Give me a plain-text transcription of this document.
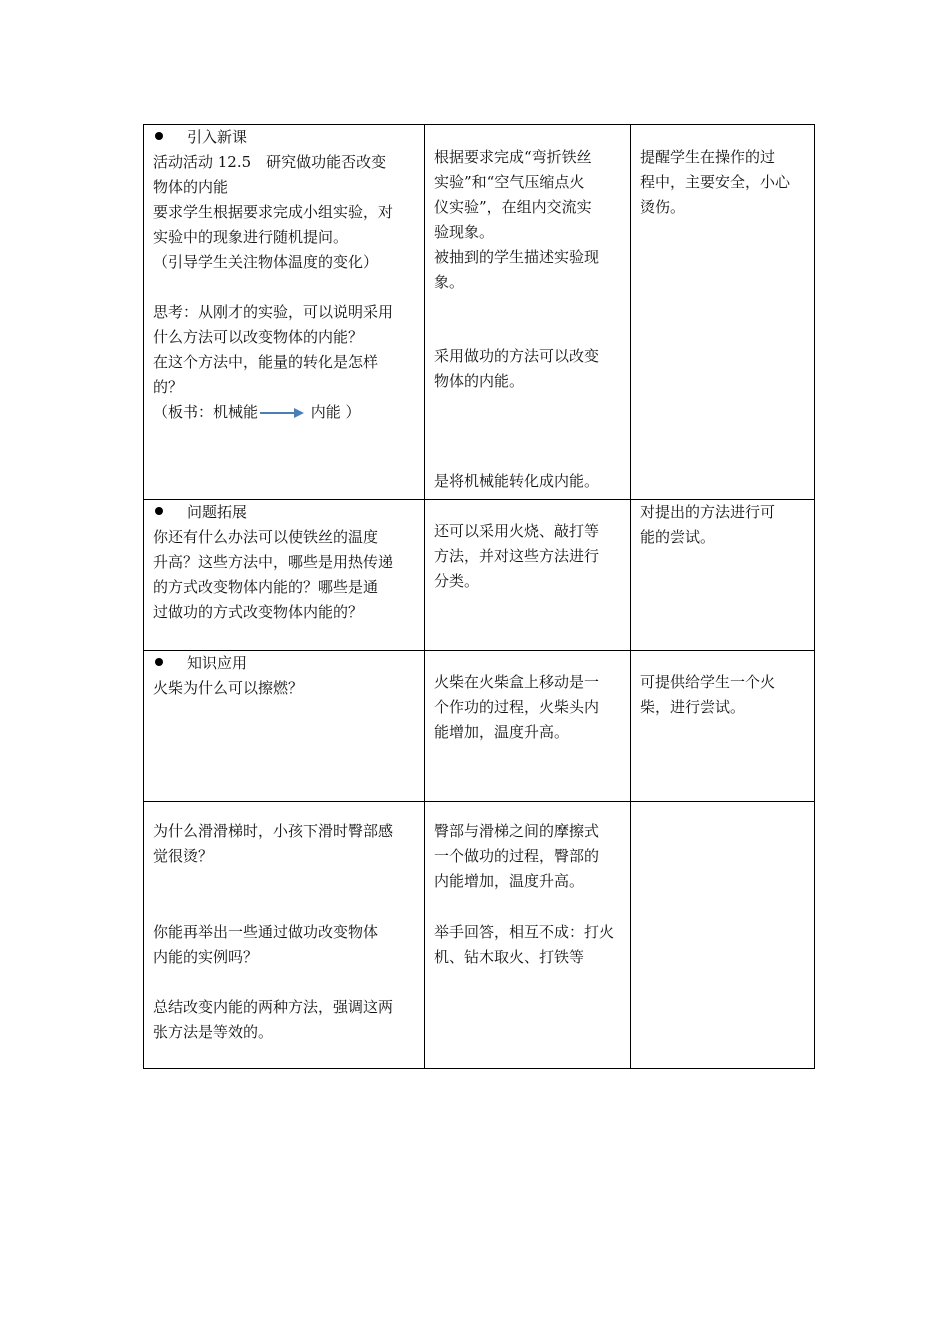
引入新课
活动活动 12.5　研究做功能否改变
物体的内能
要求学生根据要求完成小组实验，对
实验中的现象进行随机提问。
（引导学生关注物体温度的变化）
思考：从刚才的实验，可以说明采用
什么方法可以改变物体的内能？
在这个方法中，能量的转化是怎样
的？
（板书：机械能	内能 ）
根据要求完成“弯折铁丝
实验”和“空气压缩点火
仪实验”，在组内交流实
验现象。
被抽到的学生描述实验现
象。
采用做功的方法可以改变
物体的内能。
是将机械能转化成内能。
提醒学生在操作的过
程中，主要安全，小心
烫伤。
问题拓展
你还有什么办法可以使铁丝的温度
升高？这些方法中，哪些是用热传递
的方式改变物体内能的？哪些是通
过做功的方式改变物体内能的？
还可以采用火烧、敲打等
方法，并对这些方法进行
分类。
对提出的方法进行可
能的尝试。
知识应用
火柴为什么可以擦燃？	火柴在火柴盒上移动是一
个作功的过程，火柴头内
能增加，温度升高。
可提供给学生一个火
柴，进行尝试。
为什么滑滑梯时，小孩下滑时臀部感
觉很烫？
你能再举出一些通过做功改变物体
内能的实例吗？
总结改变内能的两种方法，强调这两
张方法是等效的。
臀部与滑梯之间的摩擦式
一个做功的过程，臀部的
内能增加，温度升高。
举手回答，相互不成：打火
机、钻木取火、打铁等
